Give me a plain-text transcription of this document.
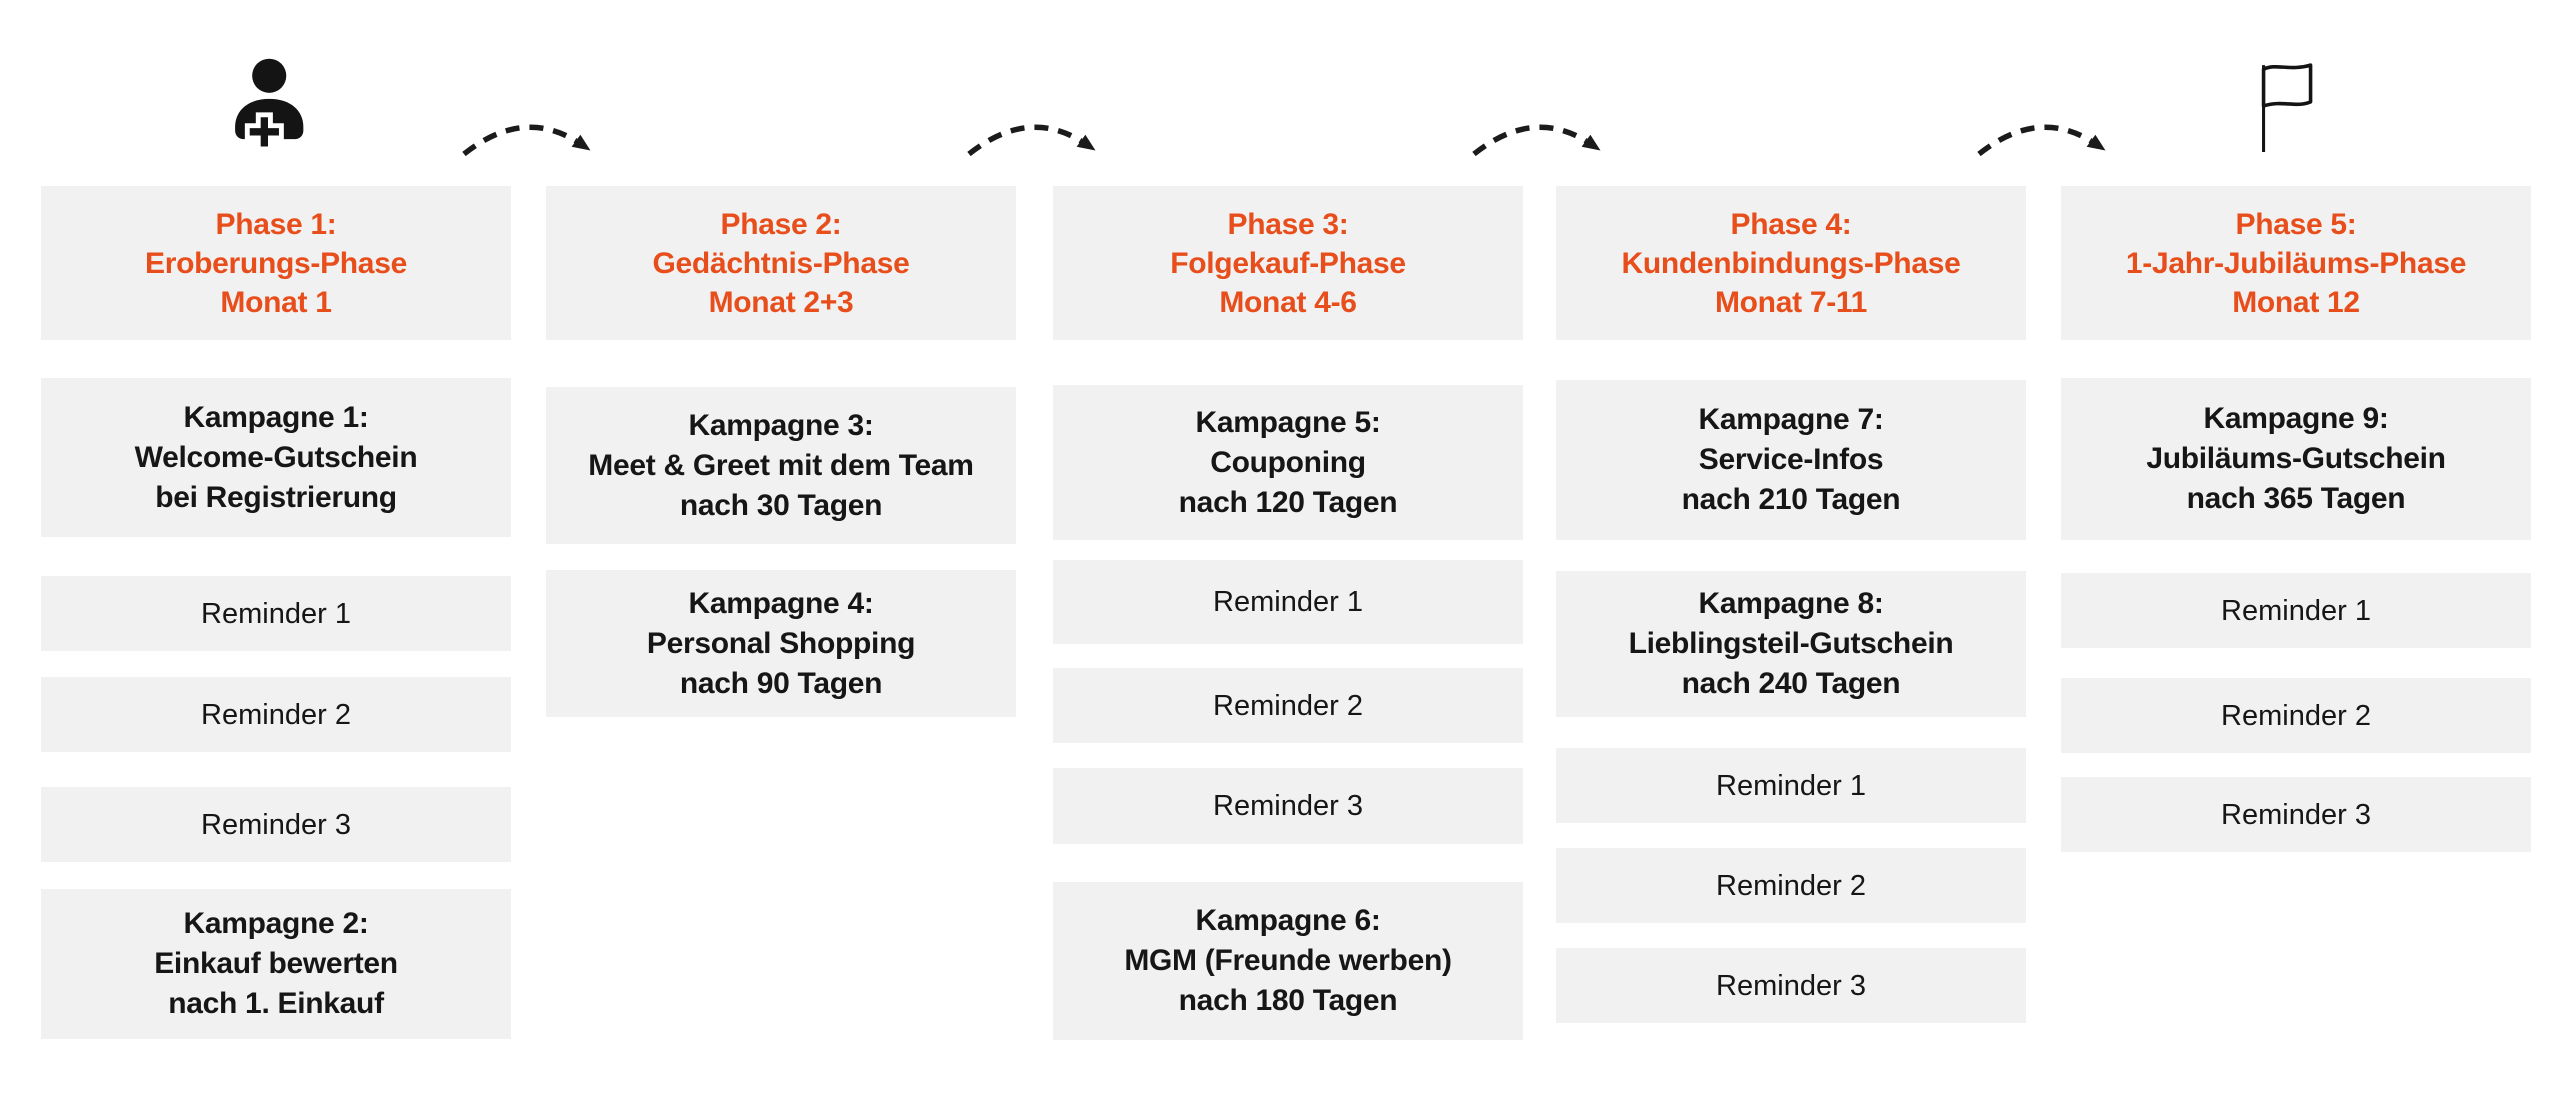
Phase 1:
Eroberungs-Phase
Monat 1
Kampagne 1:
Welcome-Gutschein
bei Registrierung
Reminder 1
Reminder 2
Reminder 3
Kampagne 2:
Einkauf bewerten
nach 1. Einkauf
Phase 2:
Gedächtnis-Phase
Monat 2+3
Kampagne 3:
Meet & Greet mit dem Team
nach 30 Tagen
Kampagne 4:
Personal Shopping
nach 90 Tagen
Phase 3:
Folgekauf-Phase
Monat 4-6
Kampagne 5:
Couponing
nach 120 Tagen
Reminder 1
Reminder 2
Reminder 3
Kampagne 6:
MGM (Freunde werben)
nach 180 Tagen
Phase 4:
Kundenbindungs-Phase
Monat 7-11
Kampagne 7:
Service-Infos
nach 210 Tagen
Kampagne 8:
Lieblingsteil-Gutschein
nach 240 Tagen
Reminder 1
Reminder 2
Reminder 3
Phase 5:
1-Jahr-Jubiläums-Phase
Monat 12
Kampagne 9:
Jubiläums-Gutschein
nach 365 Tagen
Reminder 1
Reminder 2
Reminder 3
